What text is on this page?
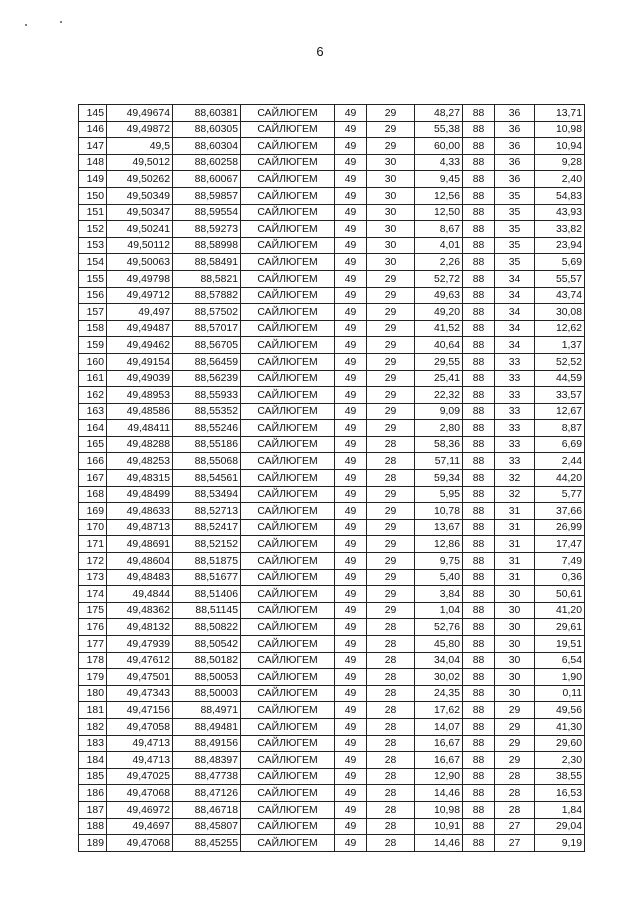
6
145	49,49674	88,60381	САЙЛЮГЕМ	49	29	48,27	88	36	13,71
146	49,49872	88,60305	САЙЛЮГЕМ	49	29	55,38	88	36	10,98
147	49,5	88,60304	САЙЛЮГЕМ	49	29	60,00	88	36	10,94
148	49,5012	88,60258	САЙЛЮГЕМ	49	30	4,33	88	36	9,28
149	49,50262	88,60067	САЙЛЮГЕМ	49	30	9,45	88	36	2,40
150	49,50349	88,59857	САЙЛЮГЕМ	49	30	12,56	88	35	54,83
151	49,50347	88,59554	САЙЛЮГЕМ	49	30	12,50	88	35	43,93
152	49,50241	88,59273	САЙЛЮГЕМ	49	30	8,67	88	35	33,82
153	49,50112	88,58998	САЙЛЮГЕМ	49	30	4,01	88	35	23,94
154	49,50063	88,58491	САЙЛЮГЕМ	49	30	2,26	88	35	5,69
155	49,49798	88,5821	САЙЛЮГЕМ	49	29	52,72	88	34	55,57
156	49,49712	88,57882	САЙЛЮГЕМ	49	29	49,63	88	34	43,74
157	49,497	88,57502	САЙЛЮГЕМ	49	29	49,20	88	34	30,08
158	49,49487	88,57017	САЙЛЮГЕМ	49	29	41,52	88	34	12,62
159	49,49462	88,56705	САЙЛЮГЕМ	49	29	40,64	88	34	1,37
160	49,49154	88,56459	САЙЛЮГЕМ	49	29	29,55	88	33	52,52
161	49,49039	88,56239	САЙЛЮГЕМ	49	29	25,41	88	33	44,59
162	49,48953	88,55933	САЙЛЮГЕМ	49	29	22,32	88	33	33,57
163	49,48586	88,55352	САЙЛЮГЕМ	49	29	9,09	88	33	12,67
164	49,48411	88,55246	САЙЛЮГЕМ	49	29	2,80	88	33	8,87
165	49,48288	88,55186	САЙЛЮГЕМ	49	28	58,36	88	33	6,69
166	49,48253	88,55068	САЙЛЮГЕМ	49	28	57,11	88	33	2,44
167	49,48315	88,54561	САЙЛЮГЕМ	49	28	59,34	88	32	44,20
168	49,48499	88,53494	САЙЛЮГЕМ	49	29	5,95	88	32	5,77
169	49,48633	88,52713	САЙЛЮГЕМ	49	29	10,78	88	31	37,66
170	49,48713	88,52417	САЙЛЮГЕМ	49	29	13,67	88	31	26,99
171	49,48691	88,52152	САЙЛЮГЕМ	49	29	12,86	88	31	17,47
172	49,48604	88,51875	САЙЛЮГЕМ	49	29	9,75	88	31	7,49
173	49,48483	88,51677	САЙЛЮГЕМ	49	29	5,40	88	31	0,36
174	49,4844	88,51406	САЙЛЮГЕМ	49	29	3,84	88	30	50,61
175	49,48362	88,51145	САЙЛЮГЕМ	49	29	1,04	88	30	41,20
176	49,48132	88,50822	САЙЛЮГЕМ	49	28	52,76	88	30	29,61
177	49,47939	88,50542	САЙЛЮГЕМ	49	28	45,80	88	30	19,51
178	49,47612	88,50182	САЙЛЮГЕМ	49	28	34,04	88	30	6,54
179	49,47501	88,50053	САЙЛЮГЕМ	49	28	30,02	88	30	1,90
180	49,47343	88,50003	САЙЛЮГЕМ	49	28	24,35	88	30	0,11
181	49,47156	88,4971	САЙЛЮГЕМ	49	28	17,62	88	29	49,56
182	49,47058	88,49481	САЙЛЮГЕМ	49	28	14,07	88	29	41,30
183	49,4713	88,49156	САЙЛЮГЕМ	49	28	16,67	88	29	29,60
184	49,4713	88,48397	САЙЛЮГЕМ	49	28	16,67	88	29	2,30
185	49,47025	88,47738	САЙЛЮГЕМ	49	28	12,90	88	28	38,55
186	49,47068	88,47126	САЙЛЮГЕМ	49	28	14,46	88	28	16,53
187	49,46972	88,46718	САЙЛЮГЕМ	49	28	10,98	88	28	1,84
188	49,4697	88,45807	САЙЛЮГЕМ	49	28	10,91	88	27	29,04
189	49,47068	88,45255	САЙЛЮГЕМ	49	28	14,46	88	27	9,19
